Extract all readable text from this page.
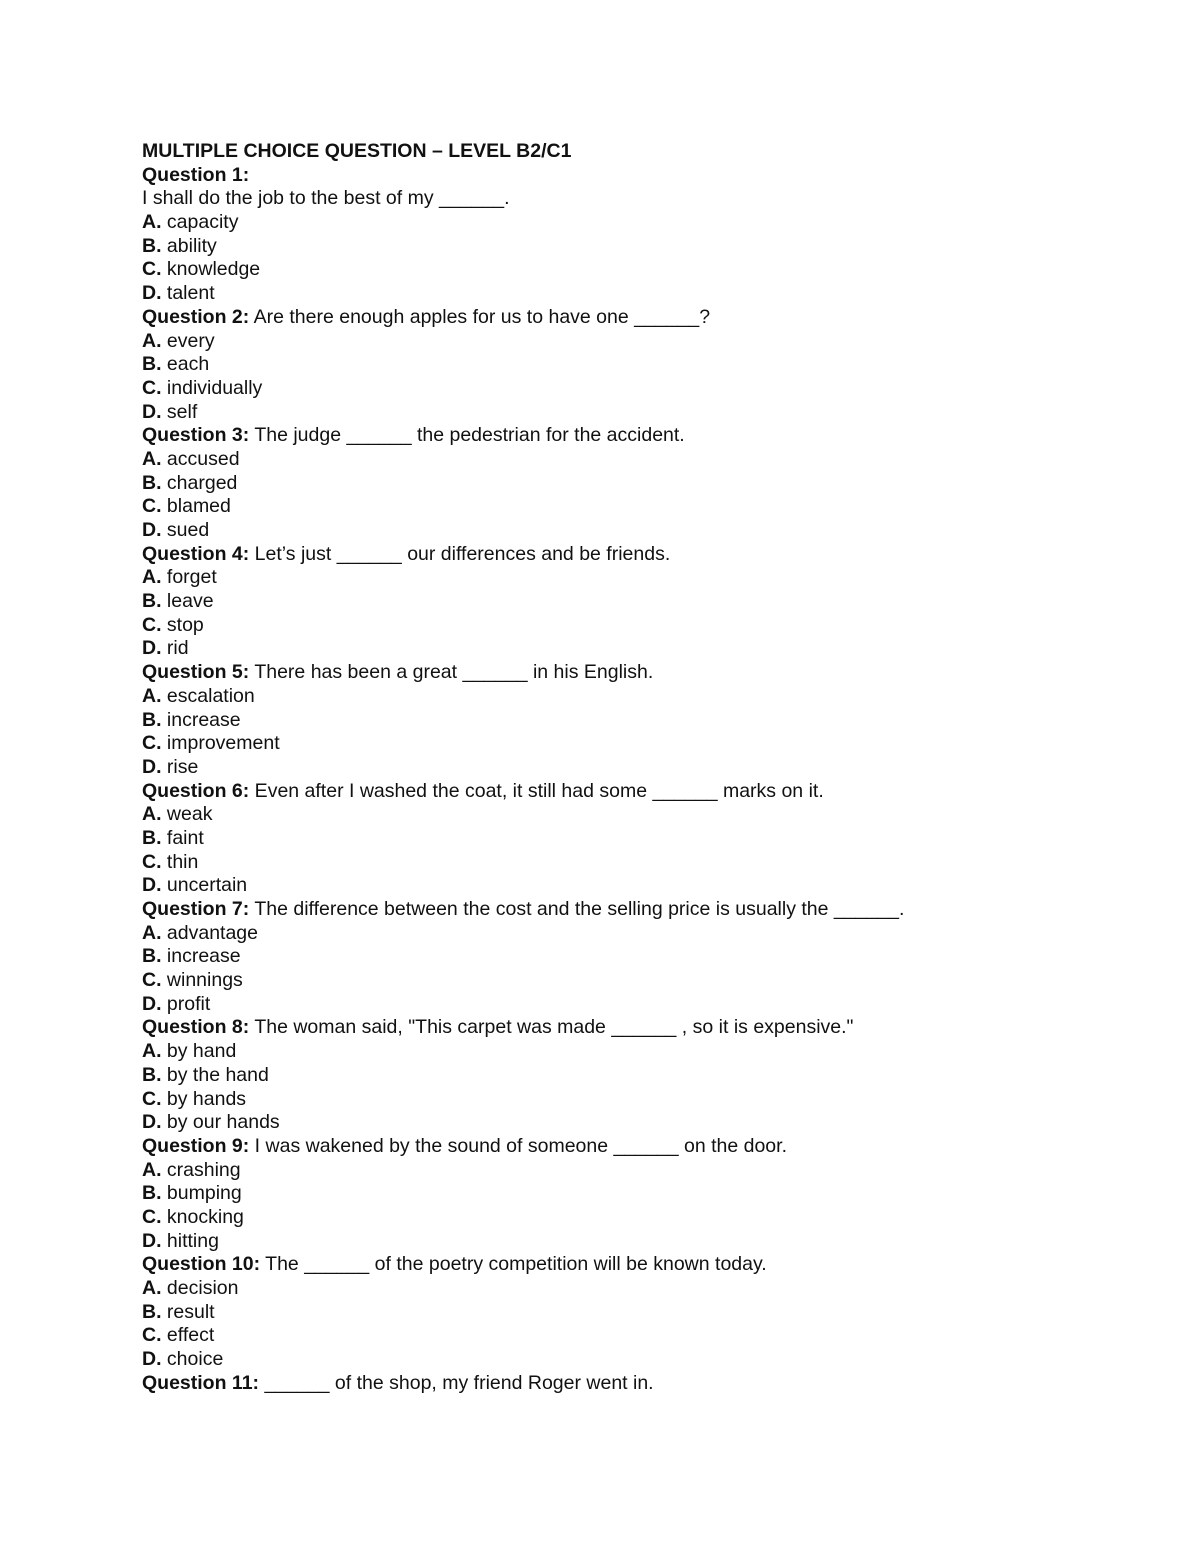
MULTIPLE CHOICE QUESTION – LEVEL B2/C1
Question 1:
I shall do the job to the best of my ______.
A. capacity
B. ability
C. knowledge
D. talent
Question 2: Are there enough apples for us to have one ______?
A. every
B. each
C. individually
D. self
Question 3: The judge ______ the pedestrian for the accident.
A. accused
B. charged
C. blamed
D. sued
Question 4: Let’s just ______ our differences and be friends.
A. forget
B. leave
C. stop
D. rid
Question 5: There has been a great ______ in his English.
A. escalation
B. increase
C. improvement
D. rise
Question 6: Even after I washed the coat, it still had some ______ marks on it.
A. weak
B. faint
C. thin
D. uncertain
Question 7: The difference between the cost and the selling price is usually the ______.
A. advantage
B. increase
C. winnings
D. profit
Question 8: The woman said, "This carpet was made ______ , so it is expensive."
A. by hand
B. by the hand
C. by hands
D. by our hands
Question 9: I was wakened by the sound of someone ______ on the door.
A. crashing
B. bumping
C. knocking
D. hitting
Question 10: The ______ of the poetry competition will be known today.
A. decision
B. result
C. effect
D. choice
Question 11: ______ of the shop, my friend Roger went in.
